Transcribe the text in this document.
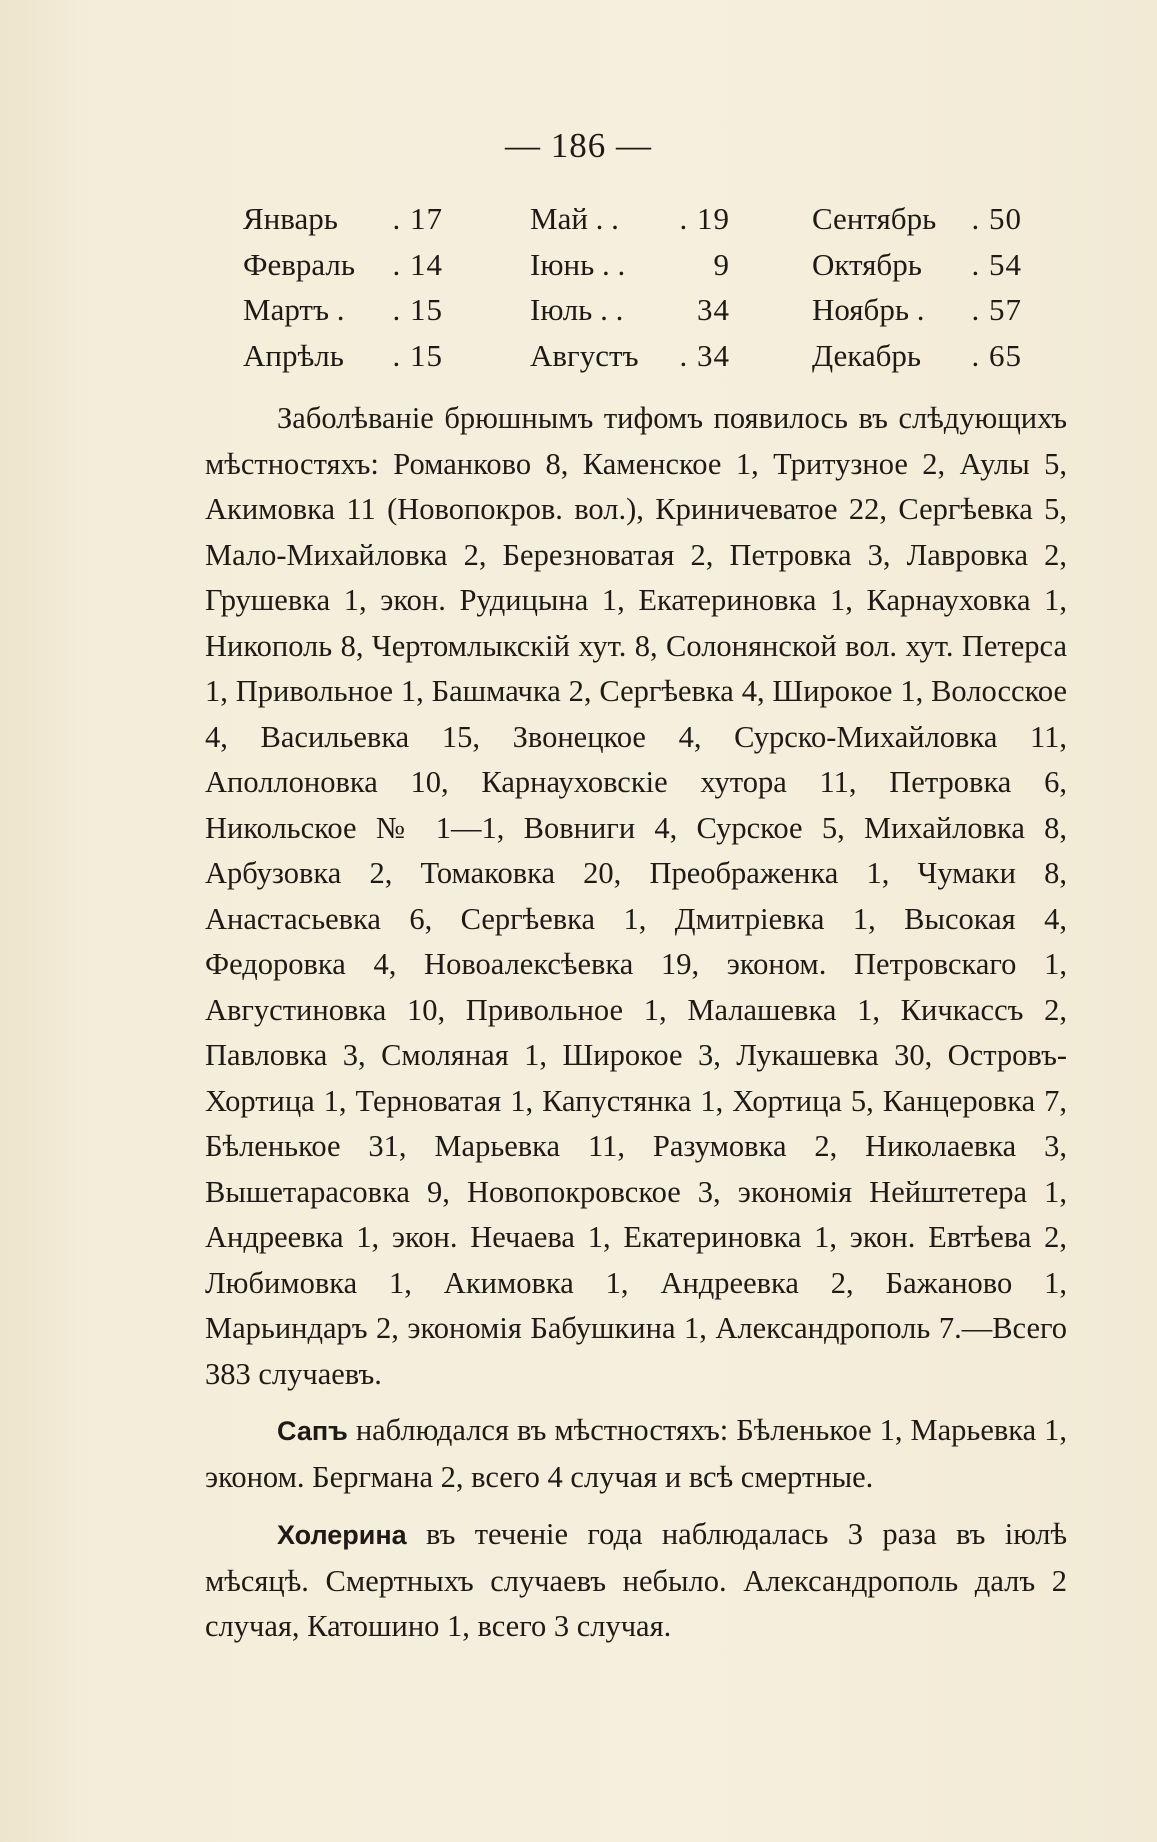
— 186 —
Январь . 17
Февраль . 14
Мартъ . . 15
Апрѣль . 15
Май . . . 19
Іюнь . .	9
Іюль . . 34
Августъ . 34
Сентябрь . 50
Октябрь . 54
Ноябрь . . 57
Декабрь . 65

Заболѣваніе брюшнымъ тифомъ появилось въ слѣдующихъ мѣстностяхъ: Романково 8, Каменское 1, Тритузное 2, Аулы 5, Акимовка 11 (Новопокров. вол.), Криничеватое 22, Сергѣевка 5, Мало-Михайловка 2, Березноватая 2, Петровка 3, Лавровка 2, Грушевка 1, экон. Рудицына 1, Екатериновка 1, Карнауховка 1, Никополь 8, Чертомлыкскій хут. 8, Солонянской вол. хут. Петерса 1, Привольное 1, Башмачка 2, Сергѣевка 4, Широкое 1, Волосское 4, Васильевка 15, Звонецкое 4, Сурско-Михайловка 11, Аполлоновка 10, Карнауховскіе хутора 11, Петровка 6, Никольское № 1—1, Вовниги 4, Сурское 5, Михайловка 8, Арбузовка 2, Томаковка 20, Преображенка 1, Чумаки 8, Анастасьевка 6, Сергѣевка 1, Дмитріевка 1, Высокая 4, Федоровка 4, Новоалексѣевка 19, эконом. Петровскаго 1, Августиновка 10, Привольное 1, Малашевка 1, Кичкассъ 2, Павловка 3, Смоляная 1, Широкое 3, Лукашевка 30, Островъ-Хортица 1, Терноватая 1, Капустянка 1, Хортица 5, Канцеровка 7, Бѣленькое 31, Марьевка 11, Разумовка 2, Николаевка 3, Вышетарасовка 9, Новопокровское 3, экономія Нейштетера 1, Андреевка 1, экон. Нечаева 1, Екатериновка 1, экон. Евтѣева 2, Любимовка 1, Акимовка 1, Андреевка 2, Бажаново 1, Марьиндаръ 2, экономія Бабушкина 1, Александрополь 7.—Всего 383 случаевъ.

Сапъ наблюдался въ мѣстностяхъ: Бѣленькое 1, Марьевка 1, эконом. Бергмана 2, всего 4 случая и всѣ смертные.

Холерина въ теченіе года наблюдалась 3 раза въ іюлѣ мѣсяцѣ. Смертныхъ случаевъ небыло. Александрополь далъ 2 случая, Катошино 1, всего 3 случая.
